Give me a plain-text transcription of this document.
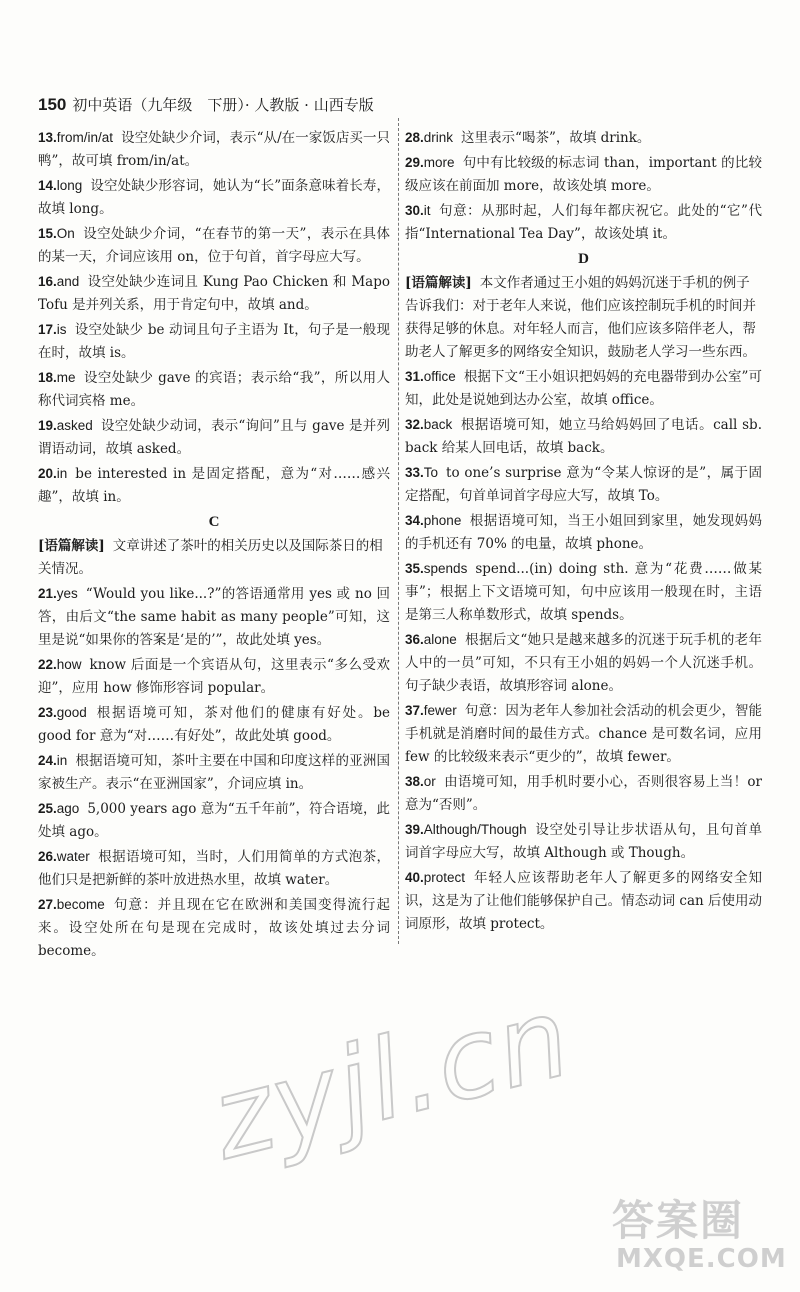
150 初中英语（九年级　下册）· 人教版 · 山西专版
13.from/in/at 设空处缺少介词，表示“从/在一家饭店买一只鸭”，故可填 from/in/at。
14.long 设空处缺少形容词，她认为“长”面条意味着长寿，故填 long。
15.On 设空处缺少介词，“在春节的第一天”，表示在具体的某一天，介词应该用 on，位于句首，首字母应大写。
16.and 设空处缺少连词且 Kung Pao Chicken 和 Mapo Tofu 是并列关系，用于肯定句中，故填 and。
17.is 设空处缺少 be 动词且句子主语为 It，句子是一般现在时，故填 is。
18.me 设空处缺少 gave 的宾语；表示给“我”，所以用人称代词宾格 me。
19.asked 设空处缺少动词，表示“询问”且与 gave 是并列谓语动词，故填 asked。
20.in be interested in 是固定搭配，意为“对……感兴趣”，故填 in。
C
[语篇解读] 文章讲述了茶叶的相关历史以及国际茶日的相关情况。
21.yes “Would you like...?”的答语通常用 yes 或 no 回答，由后文“the same habit as many people”可知，这里是说“如果你的答案是‘是的’”，故此处填 yes。
22.how know 后面是一个宾语从句，这里表示“多么受欢迎”，应用 how 修饰形容词 popular。
23.good 根据语境可知，茶对他们的健康有好处。be good for 意为“对……有好处”，故此处填 good。
24.in 根据语境可知，茶叶主要在中国和印度这样的亚洲国家被生产。表示“在亚洲国家”，介词应填 in。
25.ago 5,000 years ago 意为“五千年前”，符合语境，此处填 ago。
26.water 根据语境可知，当时，人们用简单的方式泡茶，他们只是把新鲜的茶叶放进热水里，故填 water。
27.become 句意：并且现在它在欧洲和美国变得流行起来。设空处所在句是现在完成时，故该处填过去分词 become。
28.drink 这里表示“喝茶”，故填 drink。
29.more 句中有比较级的标志词 than，important 的比较级应该在前面加 more，故该处填 more。
30.it 句意：从那时起，人们每年都庆祝它。此处的“它”代指“International Tea Day”，故该处填 it。
D
[语篇解读] 本文作者通过王小姐的妈妈沉迷于手机的例子告诉我们：对于老年人来说，他们应该控制玩手机的时间并获得足够的休息。对年轻人而言，他们应该多陪伴老人，帮助老人了解更多的网络安全知识，鼓励老人学习一些东西。
31.office 根据下文“王小姐识把妈妈的充电器带到办公室”可知，此处是说她到达办公室，故填 office。
32.back 根据语境可知，她立马给妈妈回了电话。call sb. back 给某人回电话，故填 back。
33.To to one’s surprise 意为“令某人惊讶的是”，属于固定搭配，句首单词首字母应大写，故填 To。
34.phone 根据语境可知，当王小姐回到家里，她发现妈妈的手机还有 70% 的电量，故填 phone。
35.spends spend...(in) doing sth. 意为“花费……做某事”；根据上下文语境可知，句中应该用一般现在时，主语是第三人称单数形式，故填 spends。
36.alone 根据后文“她只是越来越多的沉迷于玩手机的老年人中的一员”可知，不只有王小姐的妈妈一个人沉迷手机。句子缺少表语，故填形容词 alone。
37.fewer 句意：因为老年人参加社会活动的机会更少，智能手机就是消磨时间的最佳方式。chance 是可数名词，应用 few 的比较级来表示“更少的”，故填 fewer。
38.or 由语境可知，用手机时要小心，否则很容易上当！or 意为“否则”。
39.Although/Though 设空处引导让步状语从句，且句首单词首字母应大写，故填 Although 或 Though。
40.protect 年轻人应该帮助老年人了解更多的网络安全知识，这是为了让他们能够保护自己。情态动词 can 后使用动词原形，故填 protect。
zyjl.cn
答案圈
MXQE.COM
